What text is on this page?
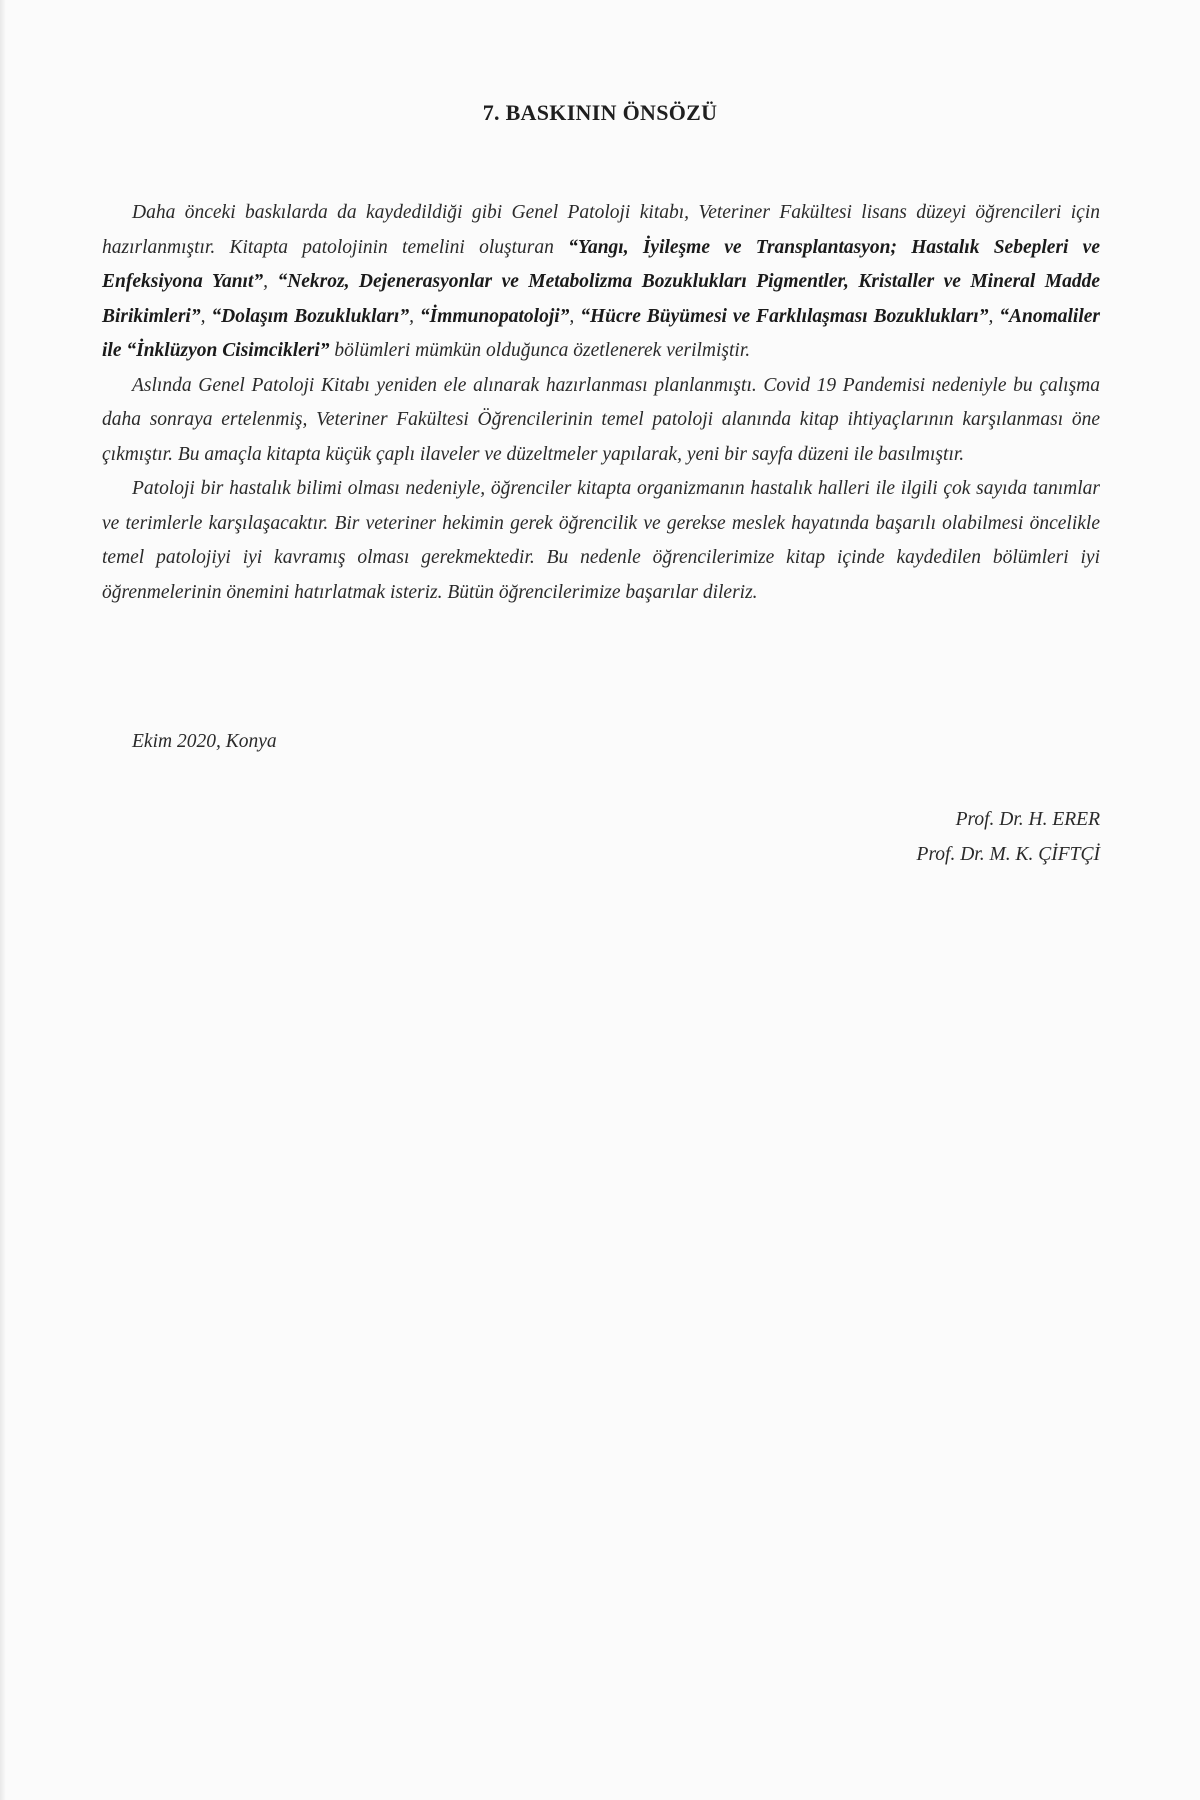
7. BASKININ ÖNSÖZÜ

Daha önceki baskılarda da kaydedildiği gibi Genel Patoloji kitabı, Veteriner Fakültesi lisans düzeyi öğrencileri için hazırlanmıştır. Kitapta patolojinin temelini oluşturan “Yangı, İyileşme ve Transplantasyon; Hastalık Sebepleri ve Enfeksiyona Yanıt”, “Nekroz, Dejenerasyonlar ve Metabolizma Bozuklukları Pigmentler, Kristaller ve Mineral Madde Birikimleri”, “Dolaşım Bozuklukları”, “İmmunopatoloji”, “Hücre Büyümesi ve Farklılaşması Bozuklukları”, “Anomaliler ile “İnklüzyon Cisimcikleri” bölümleri mümkün olduğunca özetlenerek verilmiştir.

Aslında Genel Patoloji Kitabı yeniden ele alınarak hazırlanması planlanmıştı. Covid 19 Pandemisi nedeniyle bu çalışma daha sonraya ertelenmiş, Veteriner Fakültesi Öğrencilerinin temel patoloji alanında kitap ihtiyaçlarının karşılanması öne çıkmıştır. Bu amaçla kitapta küçük çaplı ilaveler ve düzeltmeler yapılarak, yeni bir sayfa düzeni ile basılmıştır.

Patoloji bir hastalık bilimi olması nedeniyle, öğrenciler kitapta organizmanın hastalık halleri ile ilgili çok sayıda tanımlar ve terimlerle karşılaşacaktır. Bir veteriner hekimin gerek öğrencilik ve gerekse meslek hayatında başarılı olabilmesi öncelikle temel patolojiyi iyi kavramış olması gerekmektedir. Bu nedenle öğrencilerimize kitap içinde kaydedilen bölümleri iyi öğrenmelerinin önemini hatırlatmak isteriz. Bütün öğrencilerimize başarılar dileriz.

Ekim 2020, Konya
Prof. Dr. H. ERER
Prof. Dr. M. K. ÇİFTÇİ
